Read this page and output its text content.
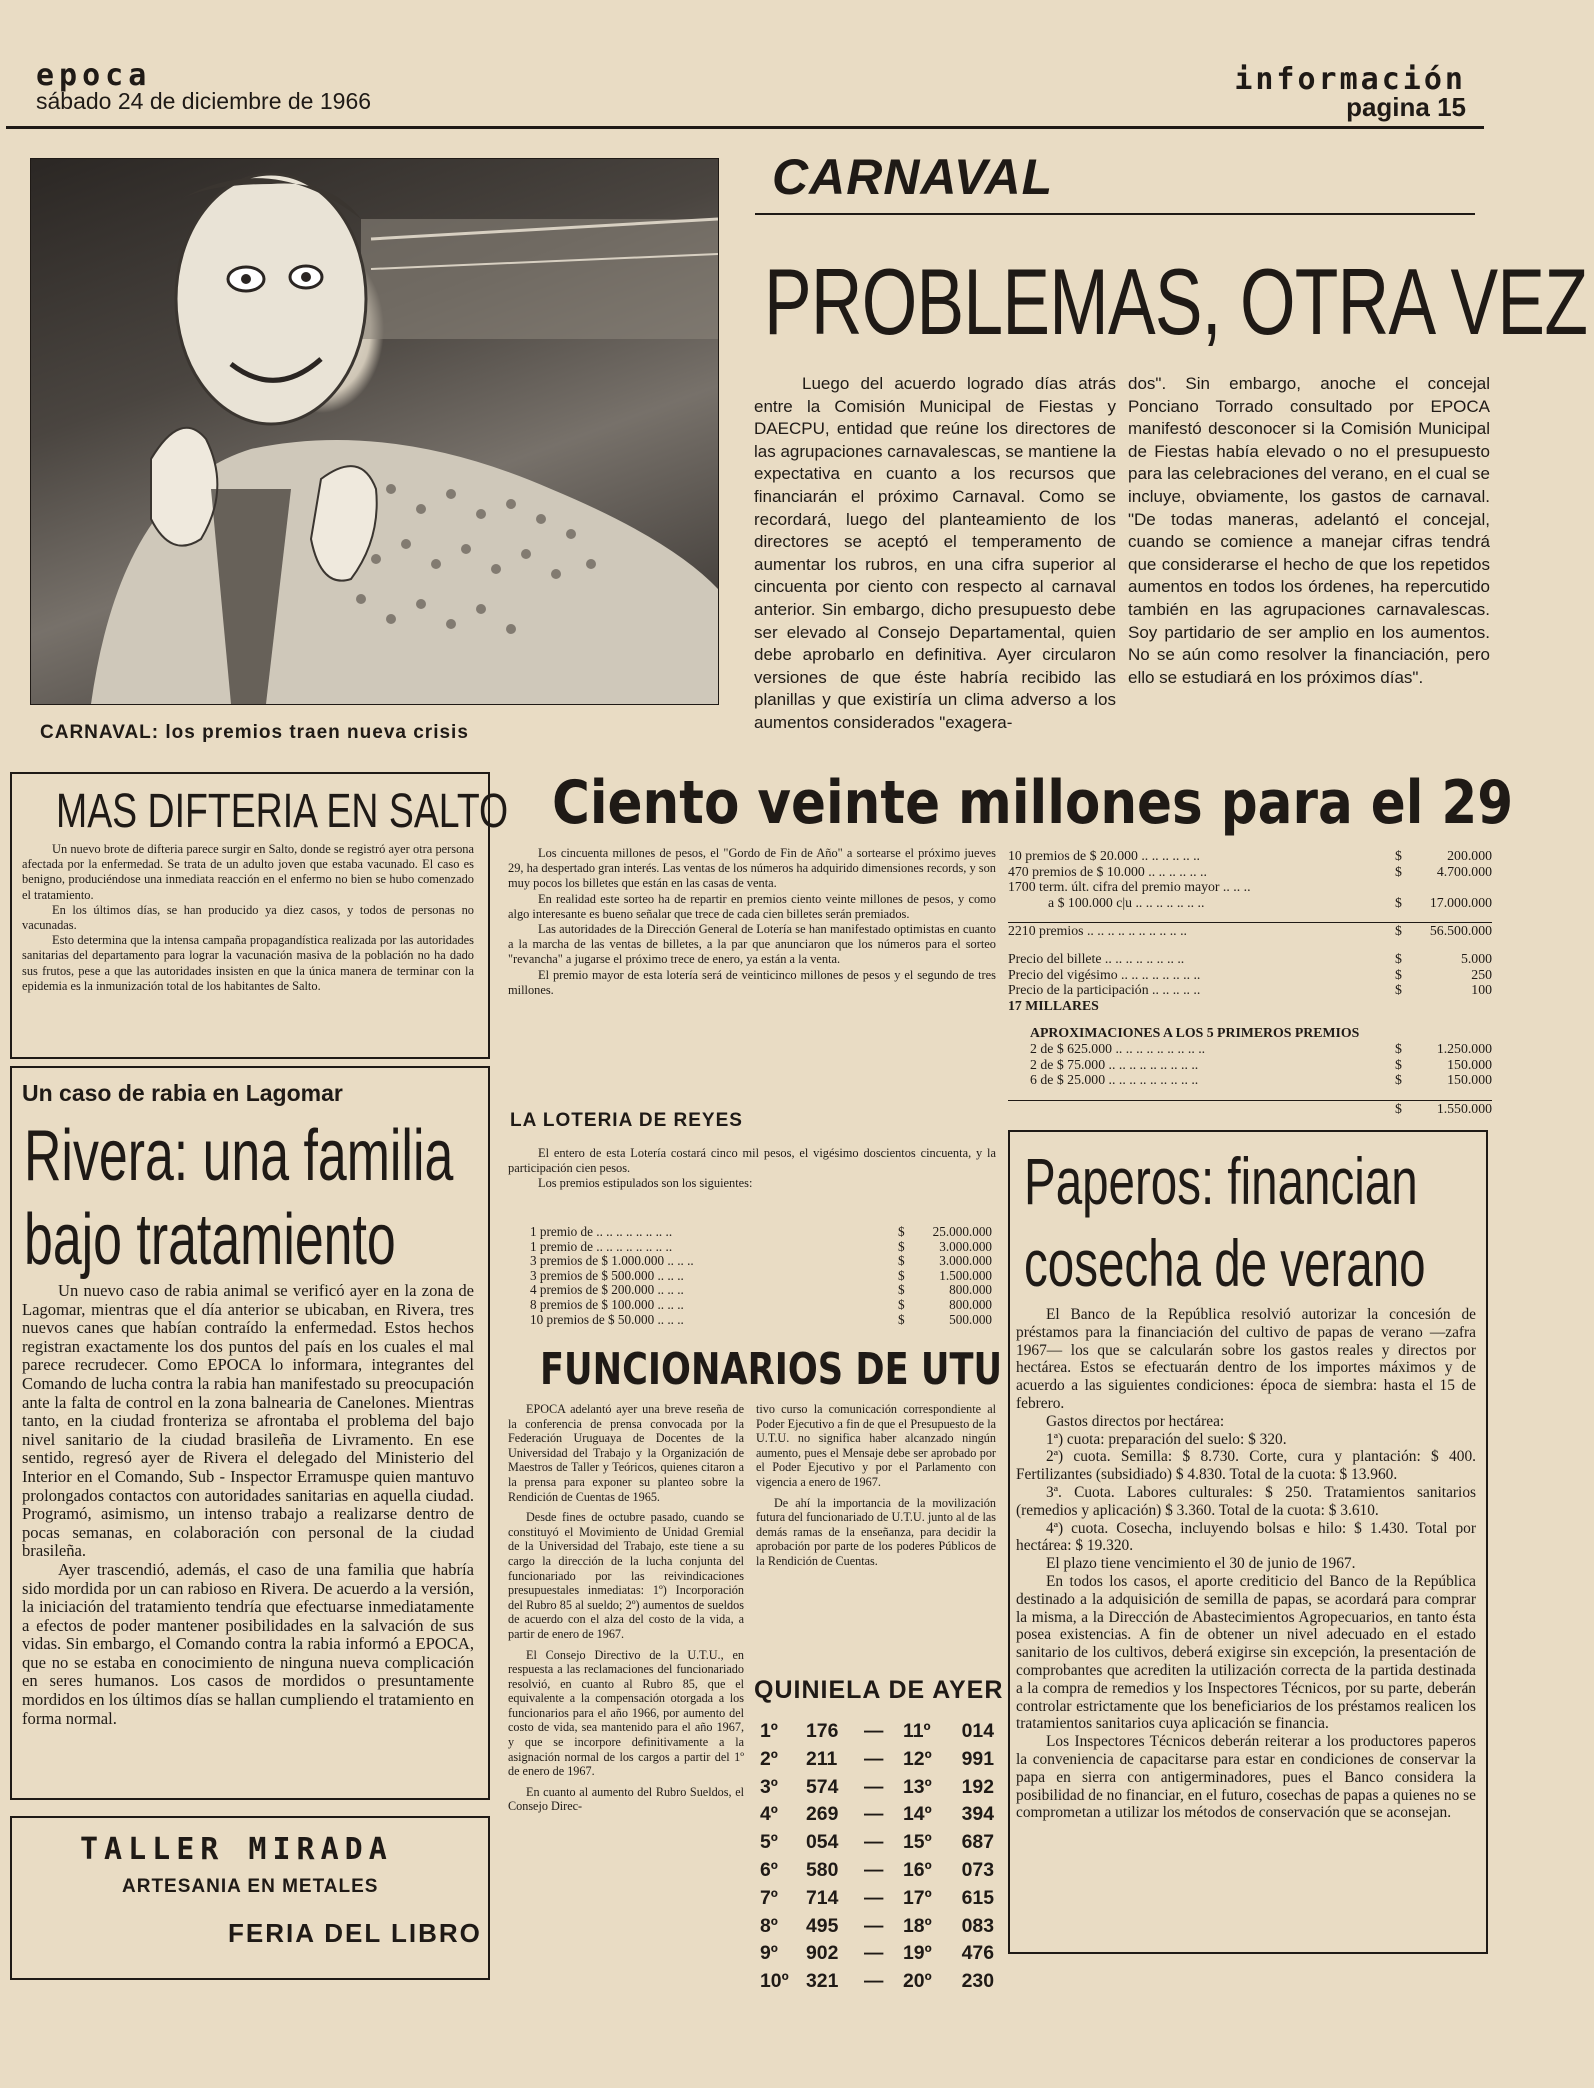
epoca
sábado 24 de diciembre de 1966
información
pagina 15
CARNAVAL: los premios traen nueva crisis
CARNAVAL
PROBLEMAS, OTRA VEZ

Luego del acuerdo logrado días atrás entre la Comisión Municipal de Fiestas y DAECPU, entidad que reúne los directores de las agrupaciones carnavalescas, se mantiene la expectativa en cuanto a los recursos que financiarán el próximo Carnaval. Como se recordará, luego del planteamiento de los directores se aceptó el temperamento de aumentar los rubros, en una cifra superior al cincuenta por ciento con respecto al carnaval anterior. Sin embargo, dicho presupuesto debe ser elevado al Consejo Departamental, quien debe aprobarlo en definitiva. Ayer circularon versiones de que éste habría recibido las planillas y que existiría un clima adverso a los aumentos considerados "exagera-

dos". Sin embargo, anoche el concejal Ponciano Torrado consultado por EPOCA manifestó desconocer si la Comisión Municipal de Fiestas había elevado o no el presupuesto para las celebraciones del verano, en el cual se incluye, obviamente, los gastos de carnaval. "De todas maneras, adelantó el concejal, cuando se comience a manejar cifras tendrá que considerarse el hecho de que los repetidos aumentos en todos los órdenes, ha repercutido también en las agrupaciones carnavalescas. Soy partidario de ser amplio en los aumentos. No se aún como resolver la financiación, pero ello se estudiará en los próximos días".

MAS DIFTERIA EN SALTO

Un nuevo brote de difteria parece surgir en Salto, donde se registró ayer otra persona afectada por la enfermedad. Se trata de un adulto joven que estaba vacunado. El caso es benigno, produciéndose una inmediata reacción en el enfermo no bien se hubo comenzado el tratamiento.

En los últimos días, se han producido ya diez casos, y todos de personas no vacunadas.

Esto determina que la intensa campaña propagandística realizada por las autoridades sanitarias del departamento para lograr la vacunación masiva de la población no ha dado sus frutos, pese a que las autoridades insisten en que la única manera de terminar con la epidemia es la inmunización total de los habitantes de Salto.

Un caso de rabia en Lagomar
Rivera: una familia
bajo tratamiento

Un nuevo caso de rabia animal se verificó ayer en la zona de Lagomar, mientras que el día anterior se ubicaban, en Rivera, tres nuevos canes que habían contraído la enfermedad. Estos hechos registran exactamente los dos puntos del país en los cuales el mal parece recrudecer. Como EPOCA lo informara, integrantes del Comando de lucha contra la rabia han manifestado su preocupación ante la falta de control en la zona balnearia de Canelones. Mientras tanto, en la ciudad fronteriza se afrontaba el problema del bajo nivel sanitario de la ciudad brasileña de Livramento. En ese sentido, regresó ayer de Rivera el delegado del Ministerio del Interior en el Comando, Sub - Inspector Erramuspe quien mantuvo prolongados contactos con autoridades sanitarias en aquella ciudad. Programó, asimismo, un intenso trabajo a realizarse dentro de pocas semanas, en colaboración con personal de la ciudad brasileña.

Ayer trascendió, además, el caso de una familia que habría sido mordida por un can rabioso en Rivera. De acuerdo a la versión, la iniciación del tratamiento tendría que efectuarse inmediatamente a efectos de poder mantener posibilidades en la salvación de sus vidas. Sin embargo, el Comando contra la rabia informó a EPOCA, que no se estaba en conocimiento de ninguna nueva complicación en seres humanos. Los casos de mordidos o presuntamente mordidos en los últimos días se hallan cumpliendo el tratamiento en forma normal.

TALLER MIRADA
ARTESANIA EN METALES
FERIA DEL LIBRO
Ciento veinte millones para el 29

Los cincuenta millones de pesos, el "Gordo de Fin de Año" a sortearse el próximo jueves 29, ha despertado gran interés. Las ventas de los números ha adquirido dimensiones records, y son muy pocos los billetes que están en las casas de venta.

En realidad este sorteo ha de repartir en premios ciento veinte millones de pesos, y como algo interesante es bueno señalar que trece de cada cien billetes serán premiados.

Las autoridades de la Dirección General de Lotería se han manifestado optimistas en cuanto a la marcha de las ventas de billetes, a la par que anunciaron que los números para el sorteo "revancha" a jugarse el próximo trece de enero, ya están a la venta.

El premio mayor de esta lotería será de veinticinco millones de pesos y el segundo de tres millones.

10 premios de $ 20.000 .. .. .. .. .. ..	$	200.000
470 premios de $ 10.000 .. .. .. .. .. ..	$	4.700.000
1700 term. últ. cifra del premio mayor .. .. ..
a $ 100.000 c|u .. .. .. .. .. .. ..	$ 17.000.000
2210 premios .. .. .. .. .. .. .. .. .. ..	$ 56.500.000
Precio del billete .. .. .. .. .. .. .. ..	$	5.000
Precio del vigésimo .. .. .. .. .. .. .. ..	$	250
Precio de la participación .. .. .. .. ..	$	100
17 MILLARES
APROXIMACIONES A LOS 5 PRIMEROS PREMIOS
2 de $ 625.000 .. .. .. .. .. .. .. .. ..	$	1.250.000
2 de $ 75.000 .. .. .. .. .. .. .. .. ..	$	150.000
6 de $ 25.000 .. .. .. .. .. .. .. .. ..	$	150.000
$	1.550.000
LA LOTERIA DE REYES

El entero de esta Lotería costará cinco mil pesos, el vigésimo doscientos cincuenta, y la participación cien pesos.

Los premios estipulados son los siguientes:

1 premio de .. .. .. .. .. .. .. ..	$ 25.000.000
1 premio de .. .. .. .. .. .. .. ..	$	3.000.000
3 premios de $ 1.000.000 .. .. ..	$	3.000.000
3 premios de $ 500.000 .. .. ..	$	1.500.000
4 premios de $ 200.000 .. .. ..	$	800.000
8 premios de $ 100.000 .. .. ..	$	800.000
10 premios de $ 50.000 .. .. ..	$	500.000
FUNCIONARIOS DE UTU

EPOCA adelantó ayer una breve reseña de la conferencia de prensa convocada por la Federación Uruguaya de Docentes de la Universidad del Trabajo y la Organización de Maestros de Taller y Teóricos, quienes citaron a la prensa para exponer su planteo sobre la Rendición de Cuentas de 1965.

Desde fines de octubre pasado, cuando se constituyó el Movimiento de Unidad Gremial de la Universidad del Trabajo, este tiene a su cargo la dirección de la lucha conjunta del funcionariado por las reivindicaciones presupuestales inmediatas: 1º) Incorporación del Rubro 85 al sueldo; 2º) aumentos de sueldos de acuerdo con el alza del costo de la vida, a partir de enero de 1967.

El Consejo Directivo de la U.T.U., en respuesta a las reclamaciones del funcionariado resolvió, en cuanto al Rubro 85, que el equivalente a la compensación otorgada a los funcionarios para el año 1966, por aumento del costo de vida, sea mantenido para el año 1967, y que se incorpore definitivamente a la asignación normal de los cargos a partir del 1º de enero de 1967.

En cuanto al aumento del Rubro Sueldos, el Consejo Direc-

tivo curso la comunicación correspondiente al Poder Ejecutivo a fin de que el Presupuesto de la U.T.U. no significa haber alcanzado ningún aumento, pues el Mensaje debe ser aprobado por el Poder Ejecutivo y por el Parlamento con vigencia a enero de 1967.

De ahí la importancia de la movilización futura del funcionariado de U.T.U. junto al de las demás ramas de la enseñanza, para decidir la aprobación por parte de los poderes Públicos de la Rendición de Cuentas.

QUINIELA DE AYER
1º 176 — 11º 014
2º 211 — 12º 991
3º 574 — 13º 192
4º 269 — 14º 394
5º 054 — 15º 687
6º 580 — 16º 073
7º 714 — 17º 615
8º 495 — 18º 083
9º 902 — 19º 476
10º 321 — 20º 230
Paperos: financian
cosecha de verano

El Banco de la República resolvió autorizar la concesión de préstamos para la financiación del cultivo de papas de verano —zafra 1967— los que se calcularán sobre los gastos reales y directos por hectárea. Estos se efectuarán dentro de los importes máximos y de acuerdo a las siguientes condiciones: época de siembra: hasta el 15 de febrero.

Gastos directos por hectárea:

1ª) cuota: preparación del suelo: $ 320.

2ª) cuota. Semilla: $ 8.730. Corte, cura y plantación: $ 400. Fertilizantes (subsidiado) $ 4.830. Total de la cuota: $ 13.960.

3ª. Cuota. Labores culturales: $ 250. Tratamientos sanitarios (remedios y aplicación) $ 3.360. Total de la cuota: $ 3.610.

4ª) cuota. Cosecha, incluyendo bolsas e hilo: $ 1.430. Total por hectárea: $ 19.320.

El plazo tiene vencimiento el 30 de junio de 1967.

En todos los casos, el aporte crediticio del Banco de la República destinado a la adquisición de semilla de papas, se acordará para comprar la misma, a la Dirección de Abastecimientos Agropecuarios, en tanto ésta posea existencias. A fin de obtener un nivel adecuado en el estado sanitario de los cultivos, deberá exigirse sin excepción, la presentación de comprobantes que acrediten la utilización correcta de la partida destinada a la compra de remedios y los Inspectores Técnicos, por su parte, deberán controlar estrictamente que los beneficiarios de los préstamos realicen los tratamientos sanitarios cuya aplicación se financia.

Los Inspectores Técnicos deberán reiterar a los productores paperos la conveniencia de capacitarse para estar en condiciones de conservar la papa en sierra con antigerminadores, pues el Banco considera la posibilidad de no financiar, en el futuro, cosechas de papas a quienes no se comprometan a utilizar los métodos de conservación que se aconsejan.
